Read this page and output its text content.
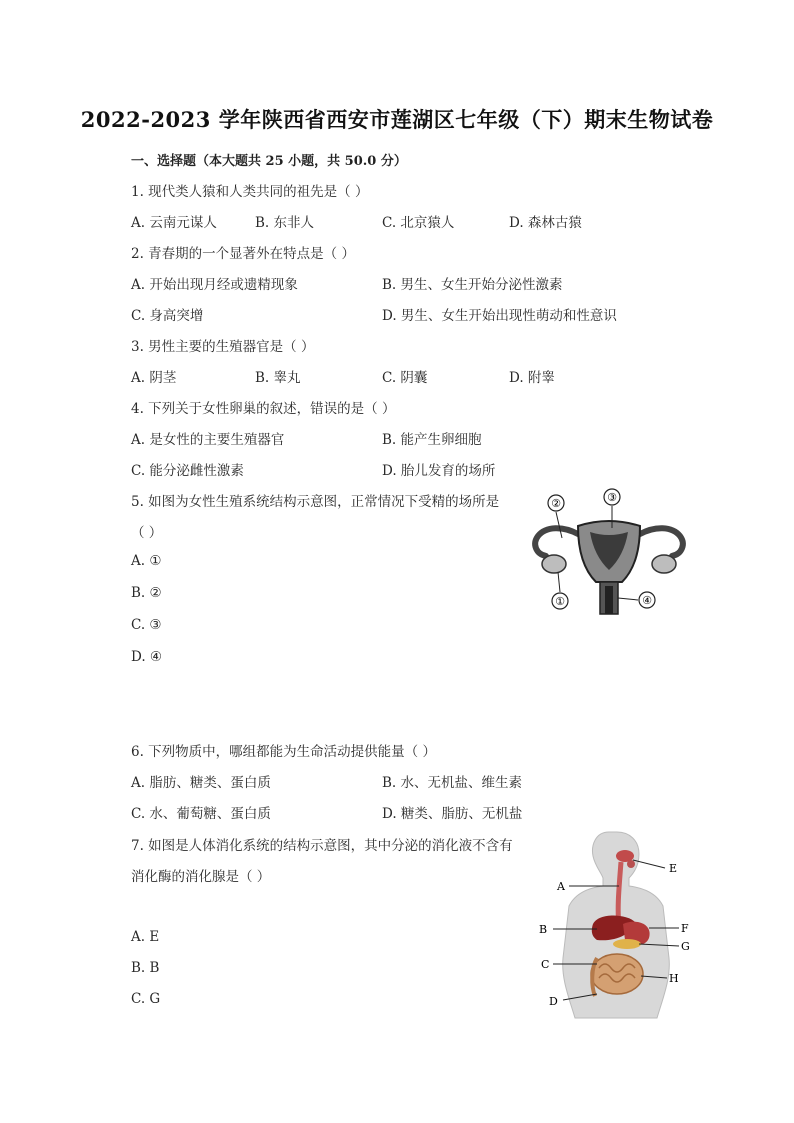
2022-2023 学年陕西省西安市莲湖区七年级（下）期末生物试卷
一、选择题（本大题共 25 小题，共 50.0 分）
1. 现代类人猿和人类共同的祖先是（ ）
A. 云南元谋人	B. 东非人	C. 北京猿人	D. 森林古猿
2. 青春期的一个显著外在特点是（ ）
A. 开始出现月经或遗精现象	B. 男生、女生开始分泌性激素
C. 身高突增	D. 男生、女生开始出现性萌动和性意识
3. 男性主要的生殖器官是（ ）
A. 阴茎	B. 睾丸	C. 阴囊	D. 附睾
4. 下列关于女性卵巢的叙述，错误的是（ ）
A. 是女性的主要生殖器官	B. 能产生卵细胞
C. 能分泌雌性激素	D. 胎儿发育的场所
5. 如图为女性生殖系统结构示意图，正常情况下受精的场所是
（ ）
A. ①
B. ②
C. ③
D. ④
②	③
①	④
6. 下列物质中，哪组都能为生命活动提供能量（ ）
A. 脂肪、糖类、蛋白质	B. 水、无机盐、维生素
C. 水、葡萄糖、蛋白质	D. 糖类、脂肪、无机盐
7. 如图是人体消化系统的结构示意图，其中分泌的消化液不含有
消化酶的消化腺是（ ）
A. E
B. B
C. G
E
A
B	F
G
C
H
D
